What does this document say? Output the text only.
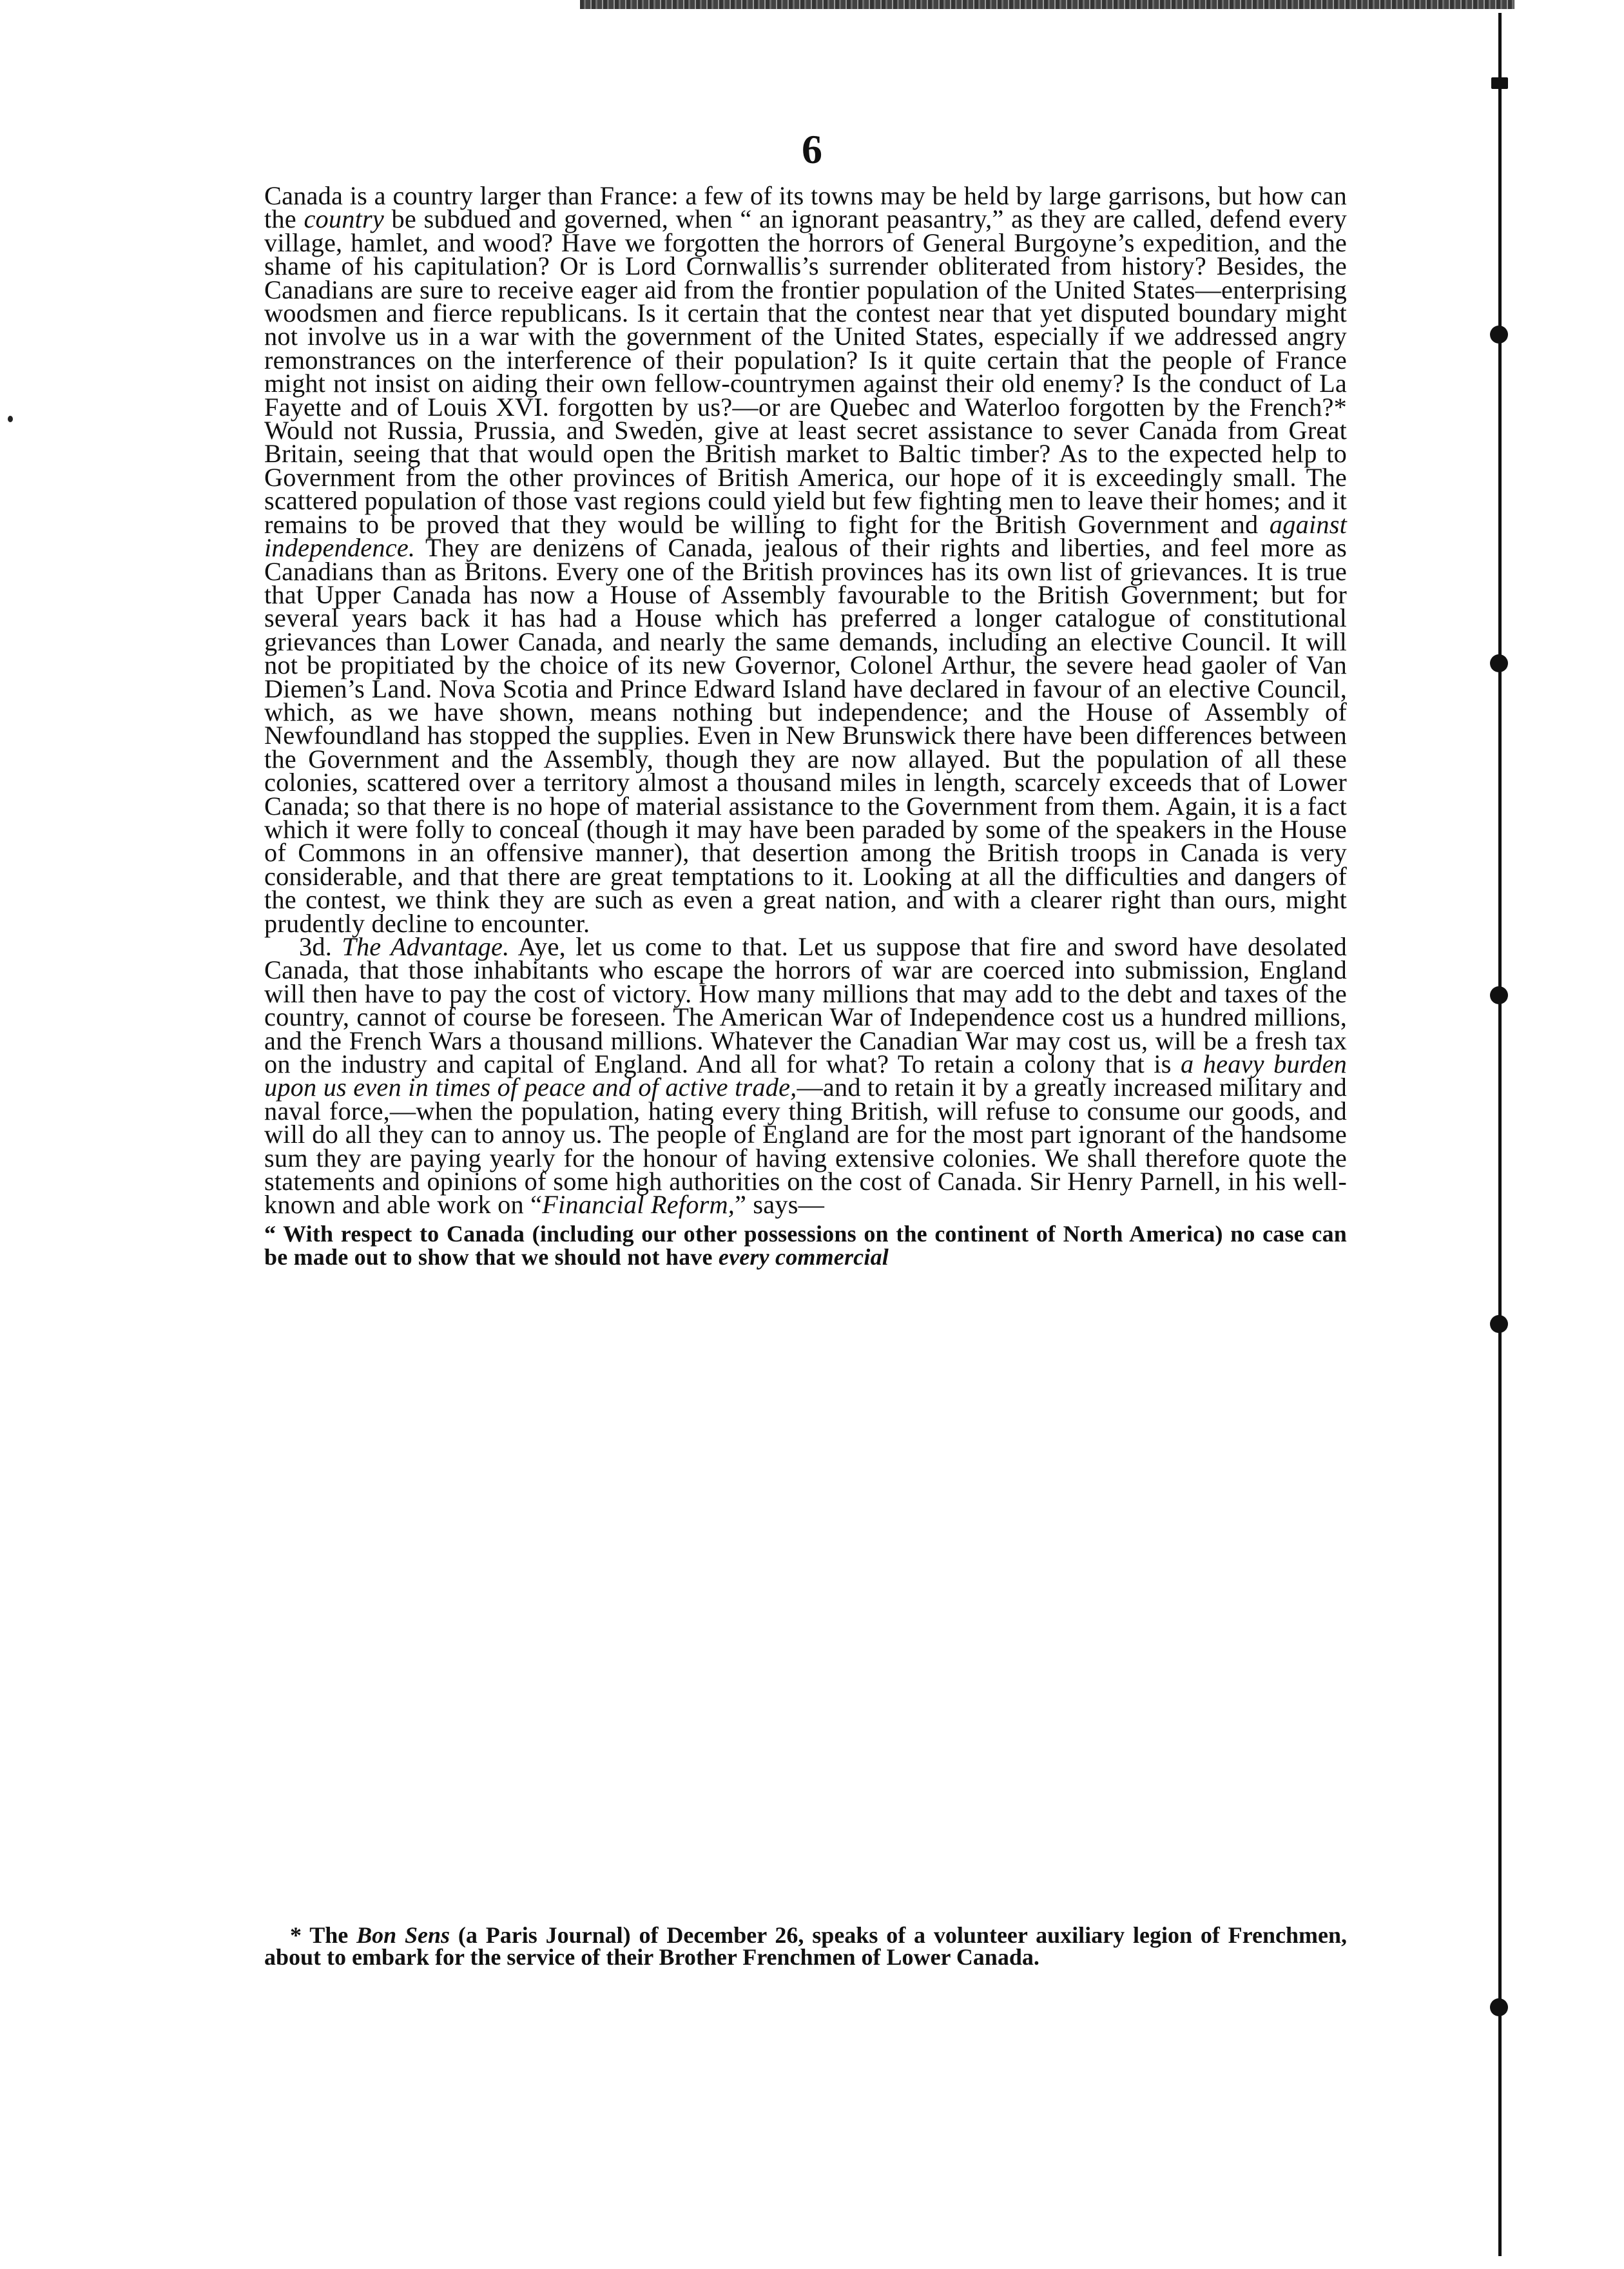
6

Canada is a country larger than France: a few of its towns may be held by large garrisons, but how can the country be subdued and governed, when “ an ignorant peasantry,” as they are called, defend every village, hamlet, and wood? Have we forgotten the horrors of General Burgoyne’s expedition, and the shame of his capitulation? Or is Lord Cornwallis’s surrender obliterated from history? Besides, the Canadians are sure to receive eager aid from the frontier population of the United States—enterprising woodsmen and fierce republicans. Is it certain that the contest near that yet disputed boundary might not involve us in a war with the government of the United States, especially if we addressed angry remonstrances on the interference of their population? Is it quite certain that the people of France might not insist on aiding their own fellow-countrymen against their old enemy? Is the conduct of La Fayette and of Louis XVI. forgotten by us?—or are Quebec and Waterloo forgotten by the French?* Would not Russia, Prussia, and Sweden, give at least secret assistance to sever Canada from Great Britain, seeing that that would open the British market to Baltic timber? As to the expected help to Government from the other provinces of British America, our hope of it is exceedingly small. The scattered population of those vast regions could yield but few fighting men to leave their homes; and it remains to be proved that they would be willing to fight for the British Government and against independence. They are denizens of Canada, jealous of their rights and liberties, and feel more as Canadians than as Britons. Every one of the British provinces has its own list of grievances. It is true that Upper Canada has now a House of Assembly favourable to the British Government; but for several years back it has had a House which has preferred a longer catalogue of constitutional grievances than Lower Canada, and nearly the same demands, including an elective Council. It will not be propitiated by the choice of its new Governor, Colonel Arthur, the severe head gaoler of Van Diemen’s Land. Nova Scotia and Prince Edward Island have declared in favour of an elective Council, which, as we have shown, means nothing but independence; and the House of Assembly of Newfoundland has stopped the supplies. Even in New Brunswick there have been differences between the Government and the Assembly, though they are now allayed. But the population of all these colonies, scattered over a territory almost a thousand miles in length, scarcely exceeds that of Lower Canada; so that there is no hope of material assistance to the Government from them. Again, it is a fact which it were folly to conceal (though it may have been paraded by some of the speakers in the House of Commons in an offensive manner), that desertion among the British troops in Canada is very considerable, and that there are great temptations to it. Looking at all the difficulties and dangers of the contest, we think they are such as even a great nation, and with a clearer right than ours, might prudently decline to encounter.

3d. The Advantage. Aye, let us come to that. Let us suppose that fire and sword have desolated Canada, that those inhabitants who escape the horrors of war are coerced into submission, England will then have to pay the cost of victory. How many millions that may add to the debt and taxes of the country, cannot of course be foreseen. The American War of Independence cost us a hundred millions, and the French Wars a thousand millions. Whatever the Canadian War may cost us, will be a fresh tax on the industry and capital of England. And all for what? To retain a colony that is a heavy burden upon us even in times of peace and of active trade,—and to retain it by a greatly increased military and naval force,—when the population, hating every thing British, will refuse to consume our goods, and will do all they can to annoy us. The people of England are for the most part ignorant of the handsome sum they are paying yearly for the honour of having extensive colonies. We shall therefore quote the statements and opinions of some high authorities on the cost of Canada. Sir Henry Parnell, in his well-known and able work on “Financial Reform,” says—

“ With respect to Canada (including our other possessions on the continent of North America) no case can be made out to show that we should not have every commercial

* The Bon Sens (a Paris Journal) of December 26, speaks of a volunteer auxiliary legion of Frenchmen, about to embark for the service of their Brother Frenchmen of Lower Canada.
